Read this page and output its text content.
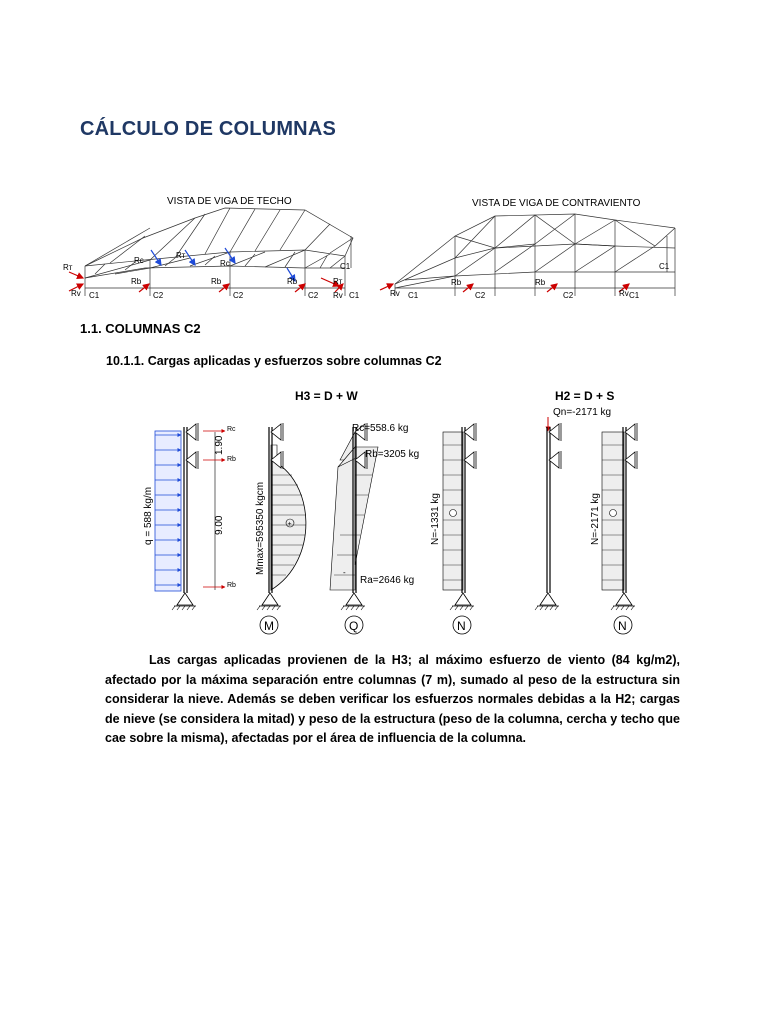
CÁLCULO DE COLUMNAS
VISTA DE VIGA DE TECHO	VISTA DE VIGA DE CONTRAVIENTO
Rт
Rv C1
Rb
C2
Rc
Rт
Rb
C2
Rc
Rb
C2
Rт
Rv C1
C1
Rv C1
Rb
C2
Rb
C2	Rv C1
C1
1.1. COLUMNAS C2
10.1.1. Cargas aplicadas y esfuerzos sobre columnas C2
H3 = D + W	H2 = D + S
q = 588 kg/m
1.90
9.00
Rc
Rb
Rb
+
Mmax=595350 kgcm
Rc=558.6 kg
Rb=3205 kg
Ra=2646 kg
-
N=-1331 kg
Qn=-2171 kg
N=-2171 kg
M	Q	N	N
Las cargas aplicadas provienen de la H3; al máximo esfuerzo de viento (84 kg/m2), afectado por la máxima separación entre columnas (7 m), sumado al peso de la estructura sin considerar la nieve. Además se deben verificar los esfuerzos normales debidas a la H2; cargas de nieve (se considera la mitad) y peso de la estructura (peso de la columna, cercha y techo que cae sobre la misma), afectadas por el área de influencia de la columna.
